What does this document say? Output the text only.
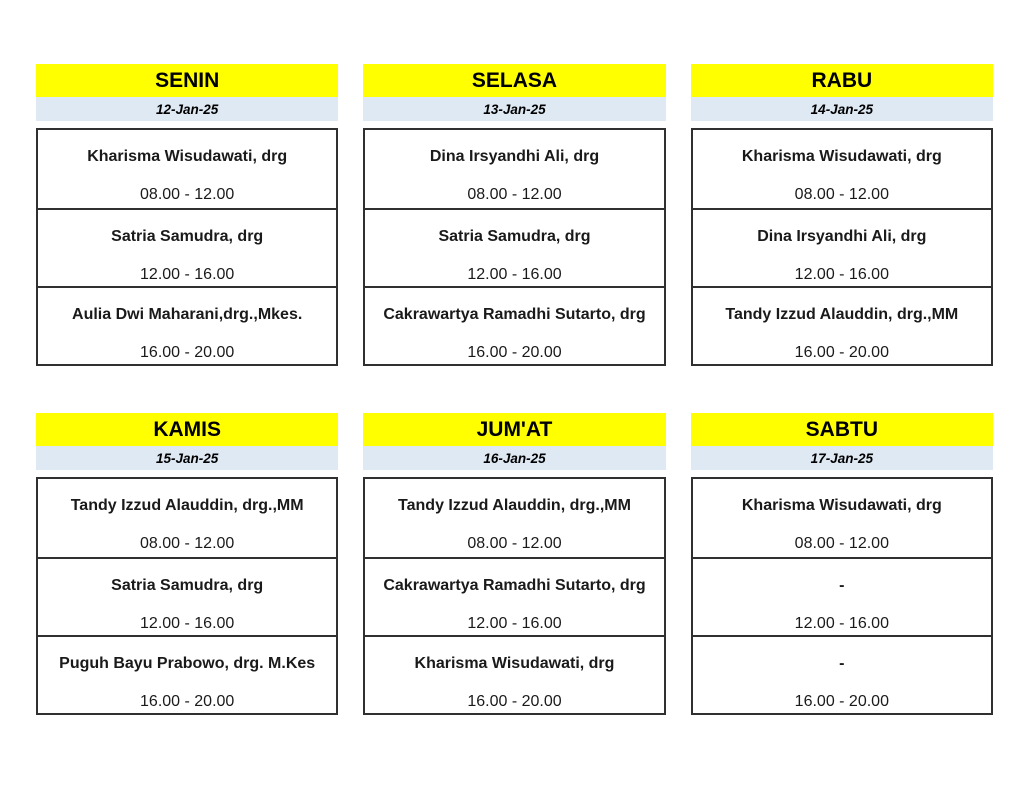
SENIN
12-Jan-25
Kharisma Wisudawati, drg
08.00 - 12.00
Satria Samudra, drg
12.00 - 16.00
Aulia Dwi Maharani,drg.,Mkes.
16.00 - 20.00
SELASA
13-Jan-25
Dina Irsyandhi Ali, drg
08.00 - 12.00
Satria Samudra, drg
12.00 - 16.00
Cakrawartya Ramadhi Sutarto, drg
16.00 - 20.00
RABU
14-Jan-25
Kharisma Wisudawati, drg
08.00 - 12.00
Dina Irsyandhi Ali, drg
12.00 - 16.00
Tandy Izzud Alauddin, drg.,MM
16.00 - 20.00
KAMIS
15-Jan-25
Tandy Izzud Alauddin, drg.,MM
08.00 - 12.00
Satria Samudra, drg
12.00 - 16.00
Puguh Bayu Prabowo, drg. M.Kes
16.00 - 20.00
JUM'AT
16-Jan-25
Tandy Izzud Alauddin, drg.,MM
08.00 - 12.00
Cakrawartya Ramadhi Sutarto, drg
12.00 - 16.00
Kharisma Wisudawati, drg
16.00 - 20.00
SABTU
17-Jan-25
Kharisma Wisudawati, drg
08.00 - 12.00
-
12.00 - 16.00
-
16.00 - 20.00
